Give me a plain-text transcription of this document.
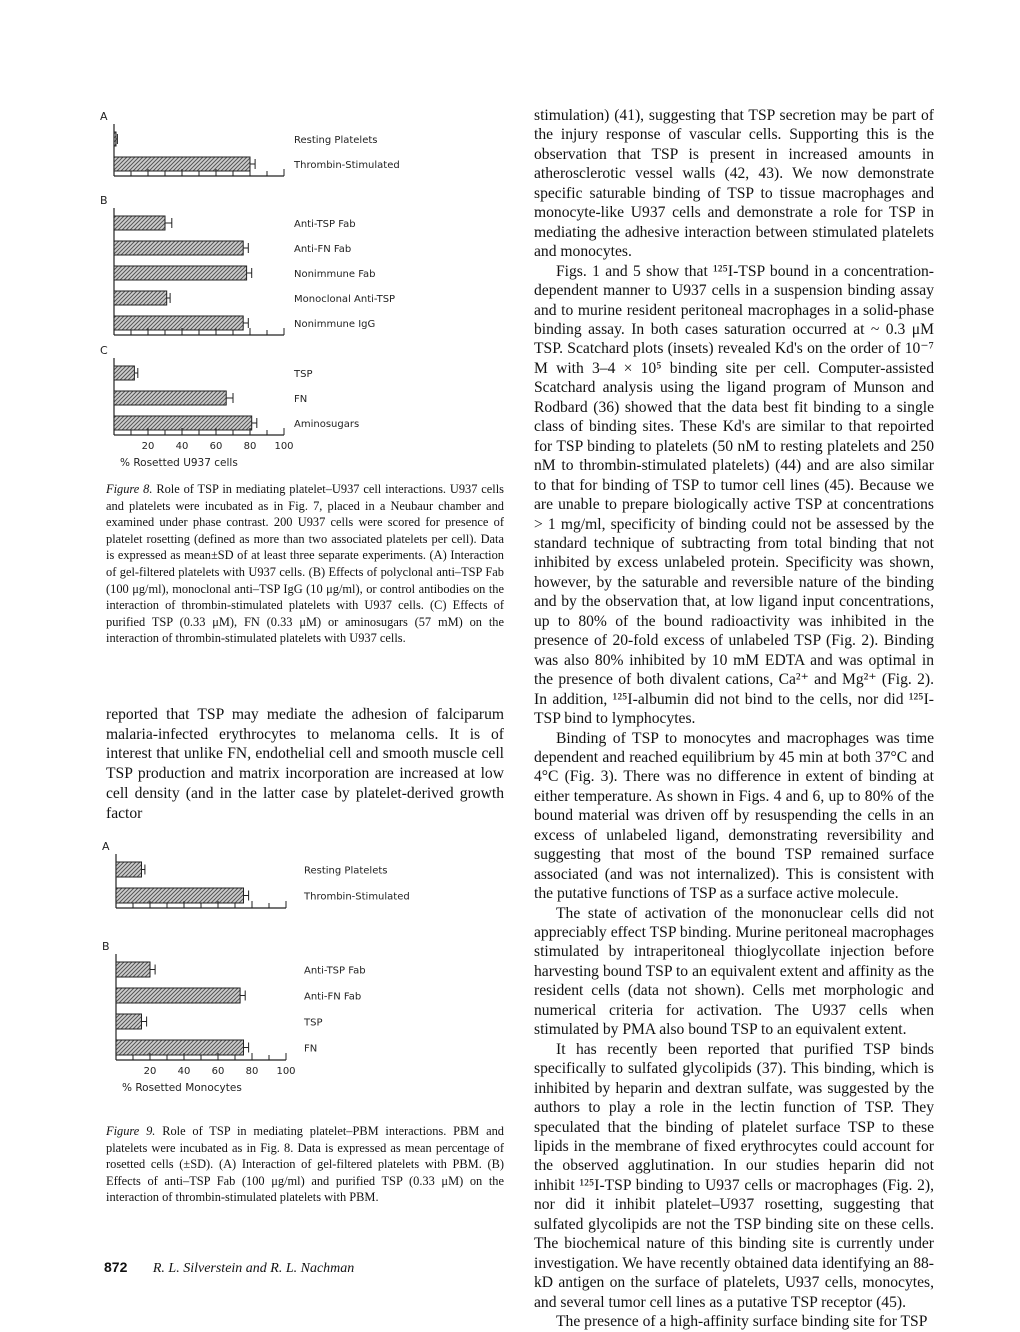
A
Resting Platelets
Thrombin-Stimulated
B
Anti-TSP Fab
Anti-FN Fab
Nonimmune Fab
Monoclonal Anti-TSP
Nonimmune IgG
C
TSP
FN
Aminosugars
20 40 60 80 100
% Rosetted U937 cells
Figure 8. Role of TSP in mediating platelet–U937 cell interactions. U937 cells and platelets were incubated as in Fig. 7, placed in a Neubaur chamber and examined under phase contrast. 200 U937 cells were scored for presence of platelet rosetting (defined as more than two associated platelets per cell). Data is expressed as mean±SD of at least three separate experiments. (A) Interaction of gel-filtered platelets with U937 cells. (B) Effects of polyclonal anti–TSP Fab (100 μg/ml), monoclonal anti–TSP IgG (10 μg/ml), or control antibodies on the interaction of thrombin-stimulated platelets with U937 cells. (C) Effects of purified TSP (0.33 μM), FN (0.33 μM) or aminosugars (57 mM) on the interaction of thrombin-stimulated platelets with U937 cells.
reported that TSP may mediate the adhesion of falciparum malaria-infected erythrocytes to melanoma cells. It is of interest that unlike FN, endothelial cell and smooth muscle cell TSP production and matrix incorporation are increased at low cell density (and in the latter case by platelet-derived growth factor
A
Resting Platelets
Thrombin-Stimulated
B
Anti-TSP Fab
Anti-FN Fab
TSP
FN
20 40 60 80 100
% Rosetted Monocytes
Figure 9. Role of TSP in mediating platelet–PBM interactions. PBM and platelets were incubated as in Fig. 8. Data is expressed as mean percentage of rosetted cells (±SD). (A) Interaction of gel-filtered platelets with PBM. (B) Effects of anti–TSP Fab (100 μg/ml) and purified TSP (0.33 μM) on the interaction of thrombin-stimulated platelets with PBM.

stimulation) (41), suggesting that TSP secretion may be part of the injury response of vascular cells. Supporting this is the observation that TSP is present in increased amounts in atherosclerotic vessel walls (42, 43). We now demonstrate specific saturable binding of TSP to tissue macrophages and monocyte-like U937 cells and demonstrate a role for TSP in mediating the adhesive interaction between stimulated platelets and monocytes.

Figs. 1 and 5 show that ¹²⁵I-TSP bound in a concentration-dependent manner to U937 cells in a suspension binding assay and to murine resident peritoneal macrophages in a solid-phase binding assay. In both cases saturation occurred at ~ 0.3 μM TSP. Scatchard plots (insets) revealed Kd's on the order of 10⁻⁷ M with 3–4 × 10⁵ binding site per cell. Computer-assisted Scatchard analysis using the ligand program of Munson and Rodbard (36) showed that the data best fit binding to a single class of binding sites. These Kd's are similar to that repoirted for TSP binding to platelets (50 nM to resting platelets and 250 nM to thrombin-stimulated platelets) (44) and are also similar to that for binding of TSP to tumor cell lines (45). Because we are unable to prepare biologically active TSP at concentrations > 1 mg/ml, specificity of binding could not be assessed by the standard technique of subtracting from total binding that not inhibited by excess unlabeled protein. Specificity was shown, however, by the saturable and reversible nature of the binding and by the observation that, at low ligand input concentrations, up to 80% of the bound radioactivity was inhibited in the presence of 20-fold excess of unlabeled TSP (Fig. 2). Binding was also 80% inhibited by 10 mM EDTA and was optimal in the presence of both divalent cations, Ca²⁺ and Mg²⁺ (Fig. 2). In addition, ¹²⁵I-albumin did not bind to the cells, nor did ¹²⁵I-TSP bind to lymphocytes.

Binding of TSP to monocytes and macrophages was time dependent and reached equilibrium by 45 min at both 37°C and 4°C (Fig. 3). There was no difference in extent of binding at either temperature. As shown in Figs. 4 and 6, up to 80% of the bound material was driven off by resuspending the cells in an excess of unlabeled ligand, demonstrating reversibility and suggesting that most of the bound TSP remained surface associated (and was not internalized). This is consistent with the putative functions of TSP as a surface active molecule.

The state of activation of the mononuclear cells did not appreciably effect TSP binding. Murine peritoneal macrophages stimulated by intraperitoneal thioglycollate injection before harvesting bound TSP to an equivalent extent and affinity as the resident cells (data not shown). Cells met morphologic and numerical criteria for activation. The U937 cells when stimulated by PMA also bound TSP to an equivalent extent.

It has recently been reported that purified TSP binds specifically to sulfated glycolipids (37). This binding, which is inhibited by heparin and dextran sulfate, was suggested by the authors to play a role in the lectin function of TSP. They speculated that the binding of platelet surface TSP to these lipids in the membrane of fixed erythrocytes could account for the observed agglutination. In our studies heparin did not inhibit ¹²⁵I-TSP binding to U937 cells or macrophages (Fig. 2), nor did it inhibit platelet–U937 rosetting, suggesting that sulfated glycolipids are not the TSP binding site on these cells. The biochemical nature of this binding site is currently under investigation. We have recently obtained data identifying an 88-kD antigen on the surface of platelets, U937 cells, monocytes, and several tumor cell lines as a putative TSP receptor (45).

The presence of a high-affinity surface binding site for TSP

872 R. L. Silverstein and R. L. Nachman
